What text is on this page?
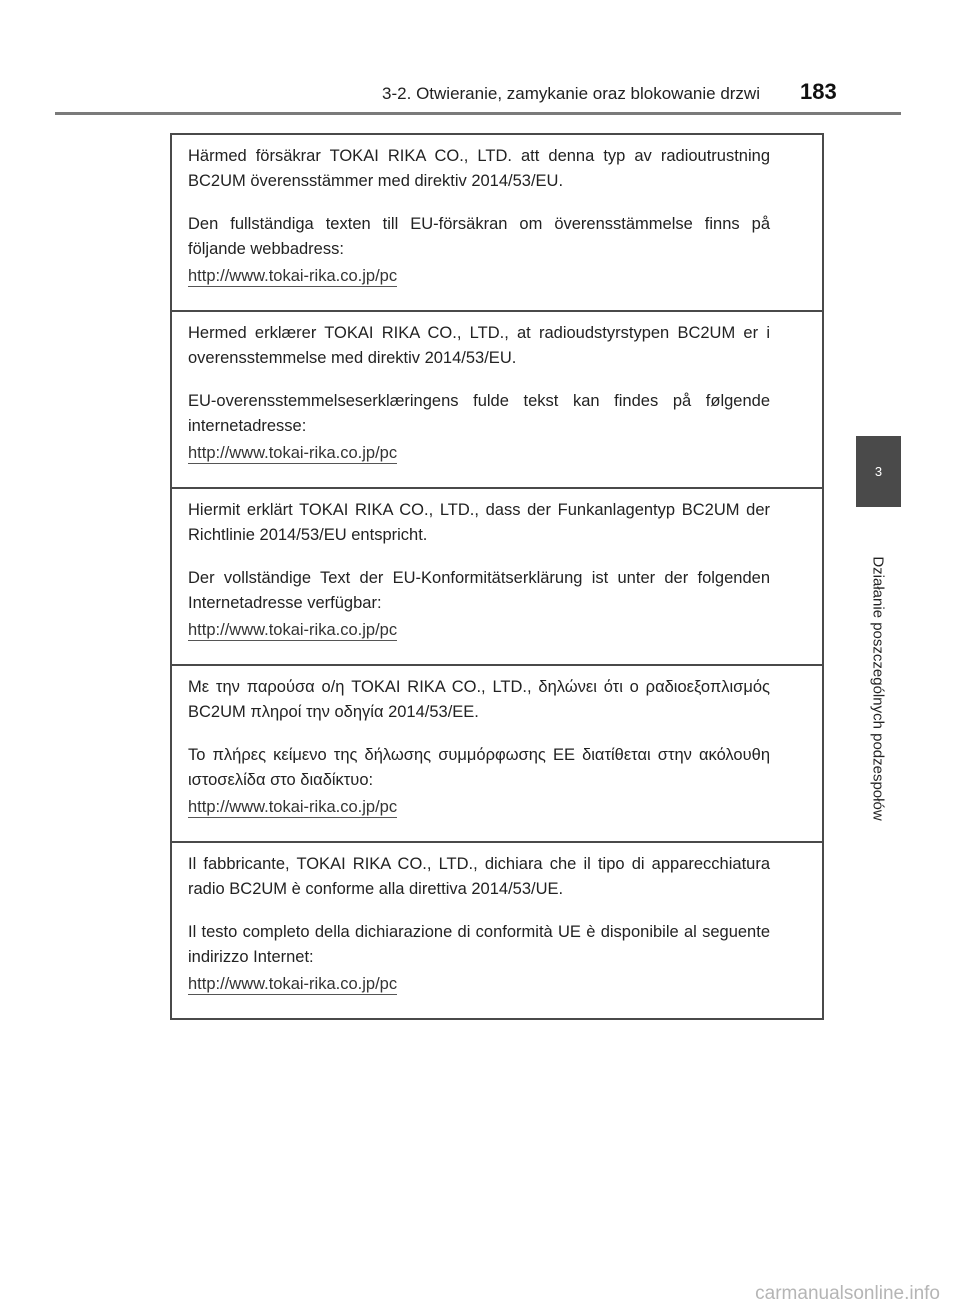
3-2. Otwieranie, zamykanie oraz blokowanie drzwi 183
3
Działanie poszczególnych podzespołów
Härmed försäkrar TOKAI RIKA CO., LTD. att denna typ av radioutrustning BC2UM överensstämmer med direktiv 2014/53/EU.
Den fullständiga texten till EU-försäkran om överensstämmelse finns på följande webbadress:
http://www.tokai-rika.co.jp/pc
Hermed erklærer TOKAI RIKA CO., LTD., at radioudstyrstypen BC2UM er i overensstemmelse med direktiv 2014/53/EU.
EU-overensstemmelseserklæringens fulde tekst kan findes på følgende internetadresse:
http://www.tokai-rika.co.jp/pc
Hiermit erklärt TOKAI RIKA CO., LTD., dass der Funkanlagentyp BC2UM der Richtlinie 2014/53/EU entspricht.
Der vollständige Text der EU-Konformitätserklärung ist unter der folgenden Internetadresse verfügbar:
http://www.tokai-rika.co.jp/pc
Με την παρούσα ο/η TOKAI RIKA CO., LTD., δηλώνει ότι ο ραδιοεξοπλισμός BC2UM πληροί την οδηγία 2014/53/ΕΕ.
Το πλήρες κείμενο της δήλωσης συμμόρφωσης ΕΕ διατίθεται στην ακόλουθη ιστοσελίδα στο διαδίκτυο:
http://www.tokai-rika.co.jp/pc
Il fabbricante, TOKAI RIKA CO., LTD., dichiara che il tipo di apparecchiatura radio BC2UM è conforme alla direttiva 2014/53/UE.
Il testo completo della dichiarazione di conformità UE è disponibile al seguente indirizzo Internet:
http://www.tokai-rika.co.jp/pc
carmanualsonline.info
